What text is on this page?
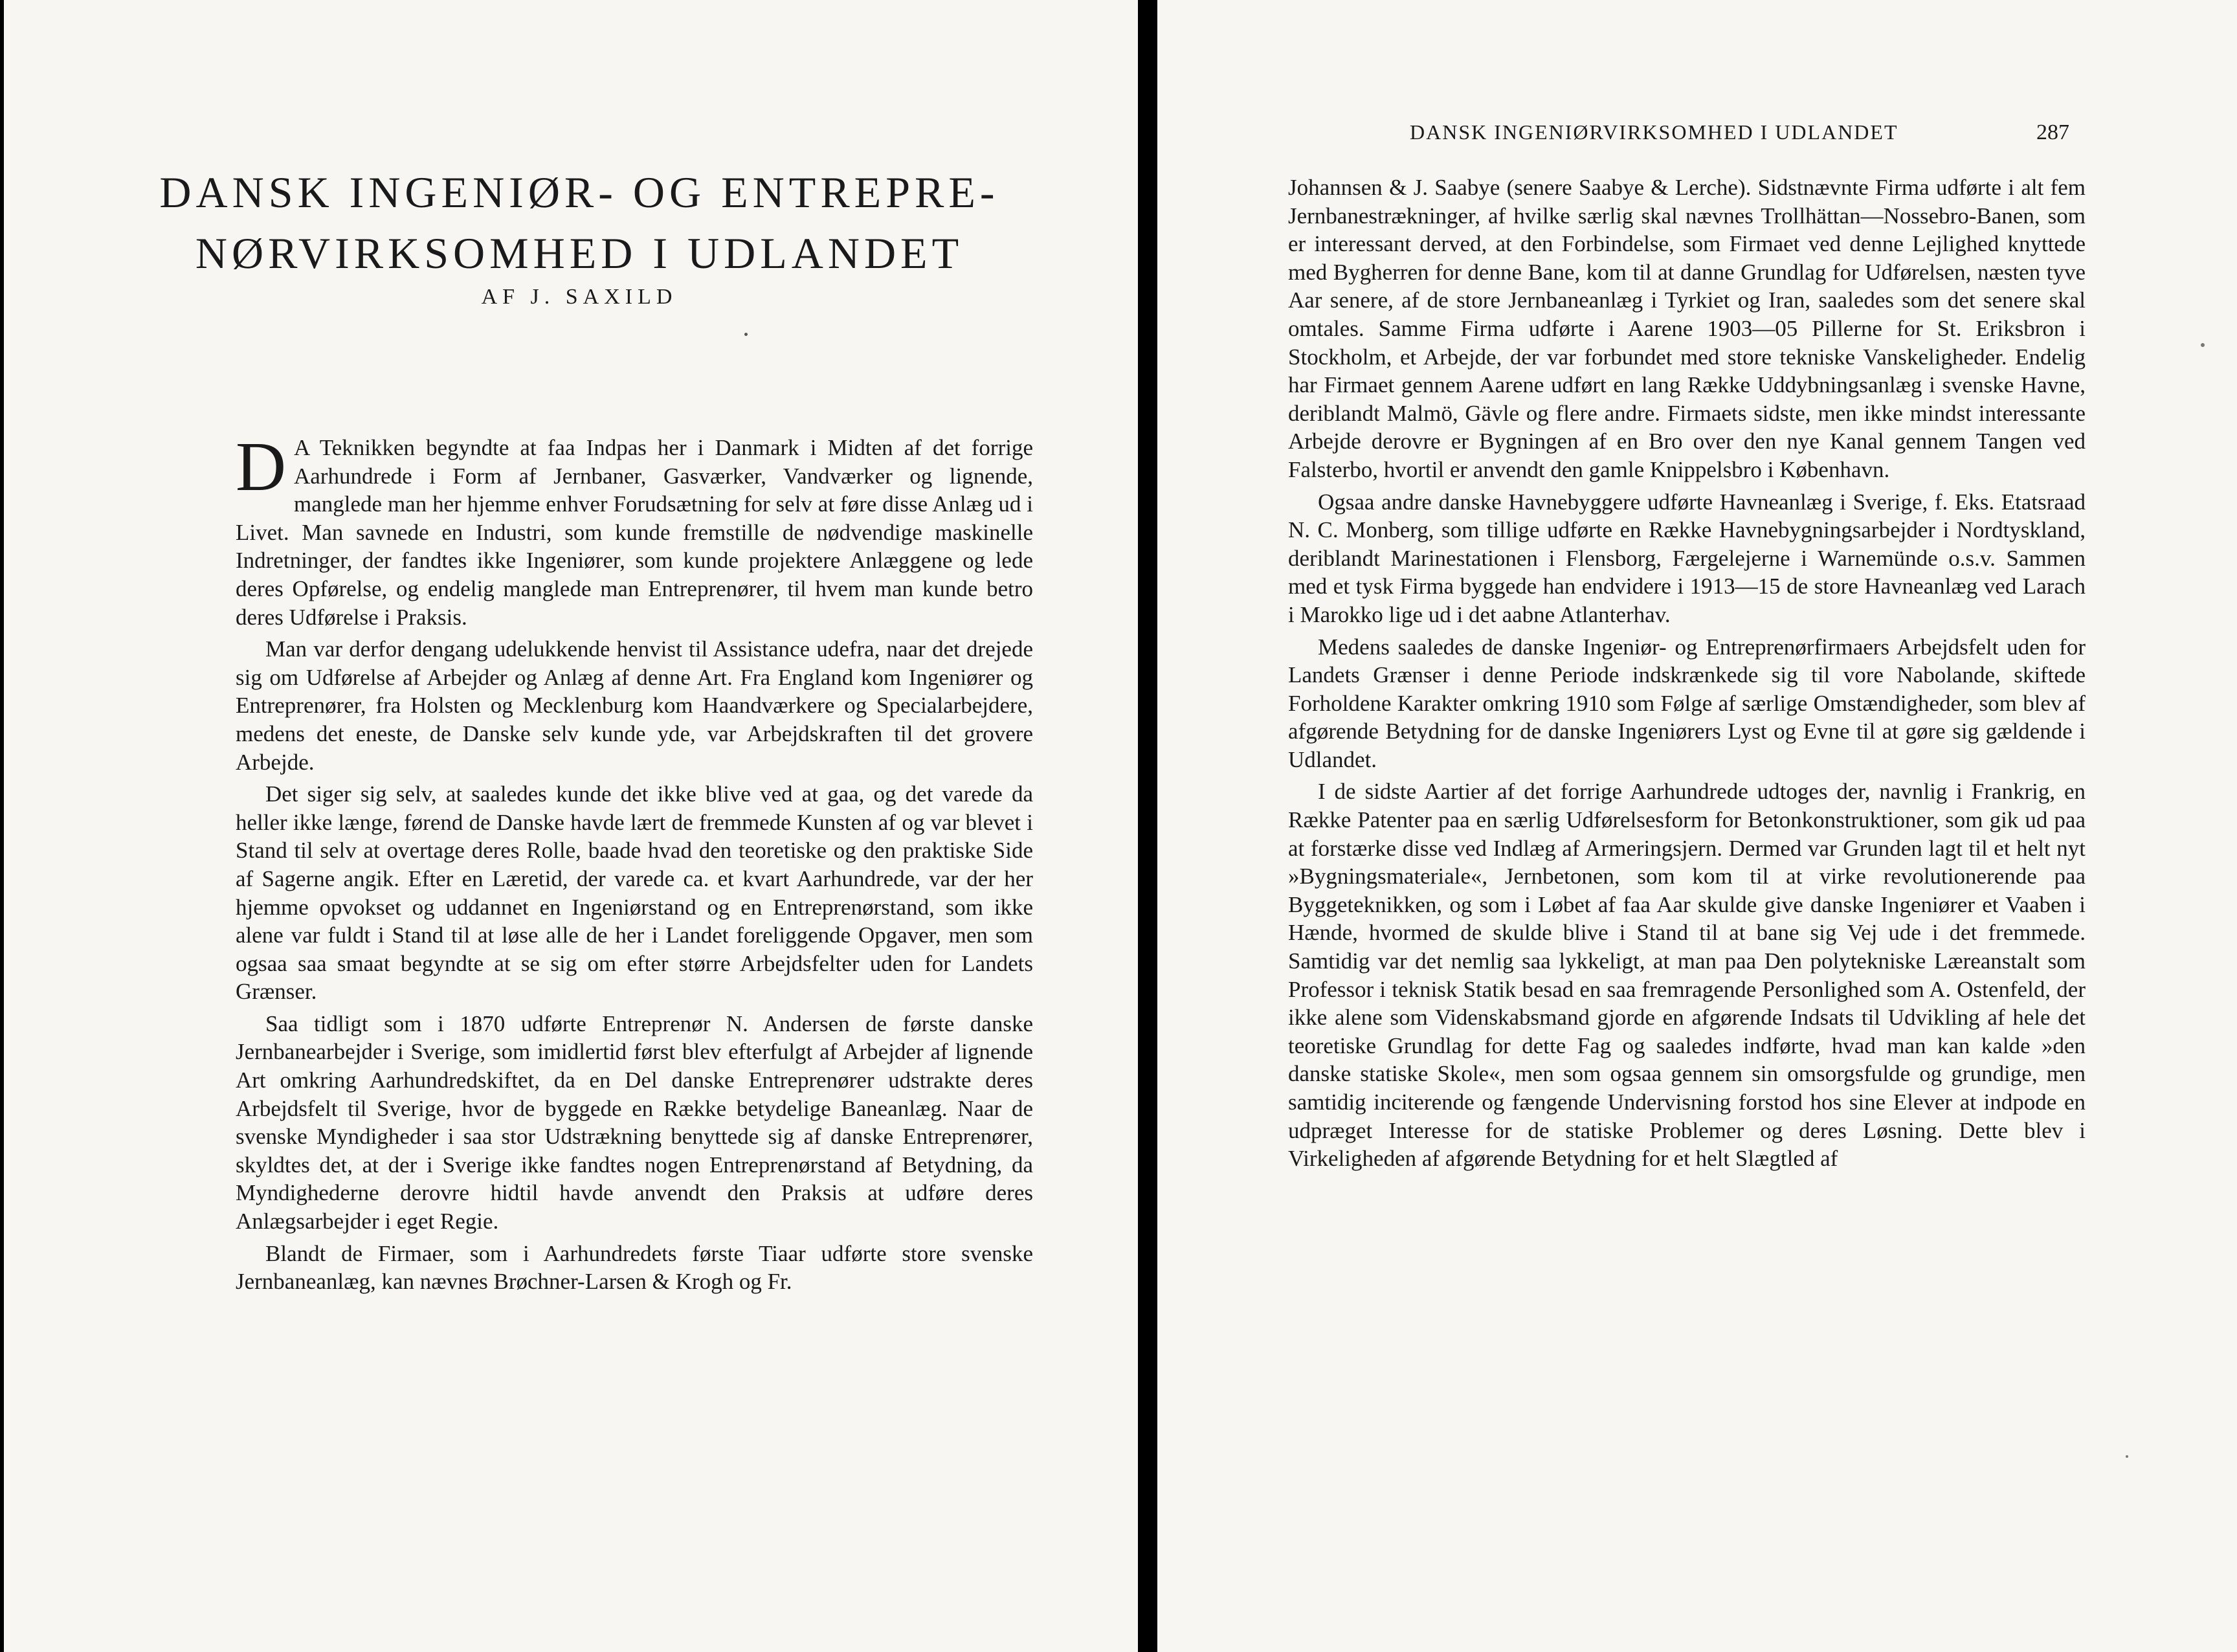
DANSK INGENIØR- OG ENTREPRE-
NØRVIRKSOMHED I UDLANDET
AF J. SAXILD

D A Teknikken begyndte at faa Indpas her i Danmark i Midten af det forrige Aarhundrede i Form af Jernbaner, Gasværker, Vandværker og lignende, manglede man her hjemme enhver Forudsætning for selv at føre disse Anlæg ud i Livet. Man savnede en Industri, som kunde fremstille de nødvendige maskinelle Indretninger, der fandtes ikke Ingeniører, som kunde projektere Anlæggene og lede deres Opførelse, og endelig manglede man Entreprenører, til hvem man kunde betro deres Udførelse i Praksis.

Man var derfor dengang udelukkende henvist til Assistance udefra, naar det drejede sig om Udførelse af Arbejder og Anlæg af denne Art. Fra England kom Ingeniører og Entreprenører, fra Holsten og Mecklenburg kom Haandværkere og Specialarbejdere, medens det eneste, de Danske selv kunde yde, var Arbejdskraften til det grovere Arbejde.

Det siger sig selv, at saaledes kunde det ikke blive ved at gaa, og det varede da heller ikke længe, førend de Danske havde lært de fremmede Kunsten af og var blevet i Stand til selv at overtage deres Rolle, baade hvad den teoretiske og den praktiske Side af Sagerne angik. Efter en Læretid, der varede ca. et kvart Aarhundrede, var der her hjemme opvokset og uddannet en Ingeniørstand og en Entreprenørstand, som ikke alene var fuldt i Stand til at løse alle de her i Landet foreliggende Opgaver, men som ogsaa saa smaat begyndte at se sig om efter større Arbejdsfelter uden for Landets Grænser.

Saa tidligt som i 1870 udførte Entreprenør N. Andersen de første danske Jernbanearbejder i Sverige, som imidlertid først blev efterfulgt af Arbejder af lignende Art omkring Aarhundredskiftet, da en Del danske Entreprenører udstrakte deres Arbejdsfelt til Sverige, hvor de byggede en Række betydelige Baneanlæg. Naar de svenske Myndigheder i saa stor Udstrækning benyttede sig af danske Entreprenører, skyldtes det, at der i Sverige ikke fandtes nogen Entreprenørstand af Betydning, da Myndighederne derovre hidtil havde anvendt den Praksis at udføre deres Anlægsarbejder i eget Regie.

Blandt de Firmaer, som i Aarhundredets første Tiaar udførte store svenske Jernbaneanlæg, kan nævnes Brøchner-Larsen & Krogh og Fr.

DANSK INGENIØRVIRKSOMHED I UDLANDET	287

Johannsen & J. Saabye (senere Saabye & Lerche). Sidstnævnte Firma udførte i alt fem Jernbanestrækninger, af hvilke særlig skal nævnes Trollhättan—Nossebro-Banen, som er interessant derved, at den Forbindelse, som Firmaet ved denne Lejlighed knyttede med Bygherren for denne Bane, kom til at danne Grundlag for Udførelsen, næsten tyve Aar senere, af de store Jernbaneanlæg i Tyrkiet og Iran, saaledes som det senere skal omtales. Samme Firma udførte i Aarene 1903—05 Pillerne for St. Eriksbron i Stockholm, et Arbejde, der var forbundet med store tekniske Vanskeligheder. Endelig har Firmaet gennem Aarene udført en lang Række Uddybningsanlæg i svenske Havne, deriblandt Malmö, Gävle og flere andre. Firmaets sidste, men ikke mindst interessante Arbejde derovre er Bygningen af en Bro over den nye Kanal gennem Tangen ved Falsterbo, hvortil er anvendt den gamle Knippelsbro i København.

Ogsaa andre danske Havnebyggere udførte Havneanlæg i Sverige, f. Eks. Etatsraad N. C. Monberg, som tillige udførte en Række Havnebygningsarbejder i Nordtyskland, deriblandt Marinestationen i Flensborg, Færgelejerne i Warnemünde o.s.v. Sammen med et tysk Firma byggede han endvidere i 1913—15 de store Havneanlæg ved Larach i Marokko lige ud i det aabne Atlanterhav.

Medens saaledes de danske Ingeniør- og Entreprenørfirmaers Arbejdsfelt uden for Landets Grænser i denne Periode indskrænkede sig til vore Nabolande, skiftede Forholdene Karakter omkring 1910 som Følge af særlige Omstændigheder, som blev af afgørende Betydning for de danske Ingeniørers Lyst og Evne til at gøre sig gældende i Udlandet.

I de sidste Aartier af det forrige Aarhundrede udtoges der, navnlig i Frankrig, en Række Patenter paa en særlig Udførelsesform for Betonkonstruktioner, som gik ud paa at forstærke disse ved Indlæg af Armeringsjern. Dermed var Grunden lagt til et helt nyt »Bygningsmateriale«, Jernbetonen, som kom til at virke revolutionerende paa Byggeteknikken, og som i Løbet af faa Aar skulde give danske Ingeniører et Vaaben i Hænde, hvormed de skulde blive i Stand til at bane sig Vej ude i det fremmede. Samtidig var det nemlig saa lykkeligt, at man paa Den polytekniske Læreanstalt som Professor i teknisk Statik besad en saa fremragende Personlighed som A. Ostenfeld, der ikke alene som Videnskabsmand gjorde en afgørende Indsats til Udvikling af hele det teoretiske Grundlag for dette Fag og saaledes indførte, hvad man kan kalde »den danske statiske Skole«, men som ogsaa gennem sin omsorgsfulde og grundige, men samtidig inciterende og fængende Undervisning forstod hos sine Elever at indpode en udpræget Interesse for de statiske Problemer og deres Løsning. Dette blev i Virkeligheden af afgørende Betydning for et helt Slægtled af
